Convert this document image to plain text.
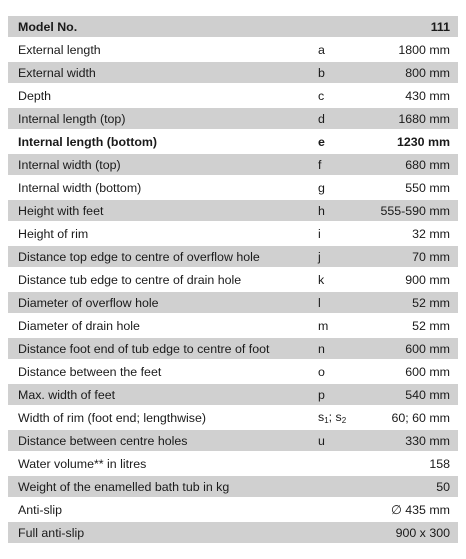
Model No.		111
External length	a	1800 mm
External width	b	800 mm
Depth	c	430 mm
Internal length (top)	d	1680 mm
Internal length (bottom)	e	1230 mm
Internal width (top)	f	680 mm
Internal width (bottom)	g	550 mm
Height with feet	h	555-590 mm
Height of rim	i	32 mm
Distance top edge to centre of overflow hole	j	70 mm
Distance tub edge to centre of drain hole	k	900 mm
Diameter of overflow hole	l	52 mm
Diameter of drain hole	m	52 mm
Distance foot end of tub edge to centre of foot	n	600 mm
Distance between the feet	o	600 mm
Max. width of feet	p	540 mm
Width of rim (foot end; lengthwise)	$s_1$; $s_2$	60; 60 mm
Distance between centre holes	u	330 mm
Water volume** in litres		158
Weight of the enamelled bath tub in kg		50
Anti-slip		∅ 435 mm
Full anti-slip		900 x 300
